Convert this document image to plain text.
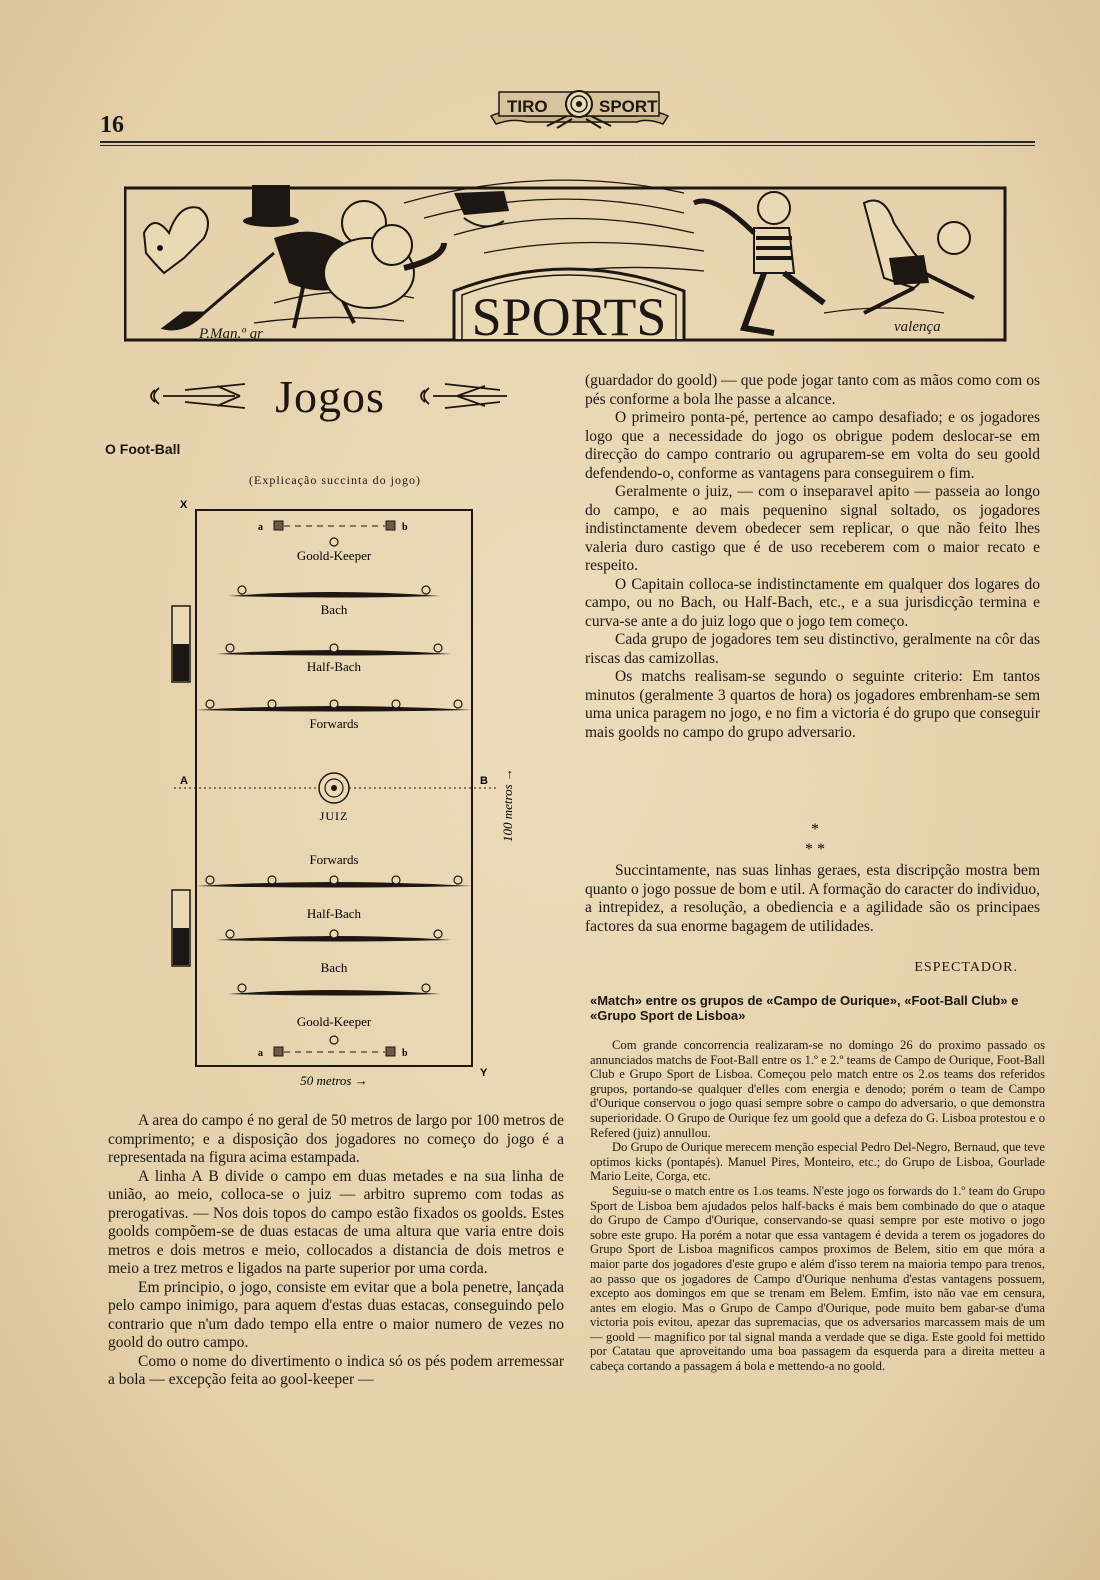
16
TIRO	SPORT
SPORTS
P.Man.º gr	valença
Jogos
O Foot-Ball
(Explicação succinta do jogo)
X
Y
A	B 100 metros →
50 metros →
JUIZ
a	b
a	b
Goold-Keeper
Bach
Half-Bach
Forwards
Forwards
Half-Bach
Bach
Goold-Keeper

A area do campo é no geral de 50 metros de largo por 100 metros de comprimento; e a disposição dos jogadores no começo do jogo é a representada na figura acima estampada.

A linha A B divide o campo em duas metades e na sua linha de união, ao meio, colloca-se o juiz — arbitro supremo com todas as prerogativas. — Nos dois topos do campo estão fixados os goolds. Estes goolds compõem-se de duas estacas de uma altura que varia entre dois metros e dois metros e meio, collocados a distancia de dois metros e meio a trez metros e ligados na parte superior por uma corda.

Em principio, o jogo, consiste em evitar que a bola penetre, lançada pelo campo inimigo, para aquem d'estas duas estacas, conseguindo pelo contrario que n'um dado tempo ella entre o maior numero de vezes no goold do outro campo.

Como o nome do divertimento o indica só os pés podem arremessar a bola — excepção feita ao gool-keeper —

(guardador do goold) — que pode jogar tanto com as mãos como com os pés conforme a bola lhe passe a alcance.

O primeiro ponta-pé, pertence ao campo desafiado; e os jogadores logo que a necessidade do jogo os obrigue podem deslocar-se em direcção do campo contrario ou agruparem-se em volta do seu goold defendendo-o, conforme as vantagens para conseguirem o fim.

Geralmente o juiz, — com o inseparavel apito — passeia ao longo do campo, e ao mais pequenino signal soltado, os jogadores indistinctamente devem obedecer sem replicar, o que não feito lhes valeria duro castigo que é de uso receberem com o maior recato e respeito.

O Capitain colloca-se indistinctamente em qualquer dos logares do campo, ou no Bach, ou Half-Bach, etc., e a sua jurisdicção termina e curva-se ante a do juiz logo que o jogo tem começo.

Cada grupo de jogadores tem seu distinctivo, geralmente na côr das riscas das camizollas.

Os matchs realisam-se segundo o seguinte criterio: Em tantos minutos (geralmente 3 quartos de hora) os jogadores embrenham-se sem uma unica paragem no jogo, e no fim a victoria é do grupo que conseguir mais goolds no campo do grupo adversario.

*
* *

Succintamente, nas suas linhas geraes, esta discripção mostra bem quanto o jogo possue de bom e util. A formação do caracter do individuo, a intrepidez, a resolução, a obediencia e a agilidade são os principaes factores da sua enorme bagagem de utilidades.

ESPECTADOR.
«Match» entre os grupos de «Campo de Ourique», «Foot-Ball Club» e «Grupo Sport de Lisboa»

Com grande concorrencia realizaram-se no domingo 26 do proximo passado os annunciados matchs de Foot-Ball entre os 1.º e 2.º teams de Campo de Ourique, Foot-Ball Club e Grupo Sport de Lisboa. Começou pelo match entre os 2.os teams dos referidos grupos, portando-se qualquer d'elles com energia e denodo; porém o team de Campo d'Ourique conservou o jogo quasi sempre sobre o campo do adversario, o que demonstra superioridade. O Grupo de Ourique fez um goold que a defeza do G. Lisboa protestou e o Refered (juiz) annullou.

Do Grupo de Ourique merecem menção especial Pedro Del-Negro, Bernaud, que teve optimos kicks (pontapés). Manuel Pires, Monteiro, etc.; do Grupo de Lisboa, Gourlade Mario Leite, Corga, etc.

Seguiu-se o match entre os 1.os teams. N'este jogo os forwards do 1.º team do Grupo Sport de Lisboa bem ajudados pelos half-backs é mais bem combinado do que o ataque do Grupo de Campo d'Ourique, conservando-se quasi sempre por este motivo o jogo sobre este grupo. Ha porém a notar que essa vantagem é devida a terem os jogadores do Grupo Sport de Lisboa magnificos campos proximos de Belem, sitio em que móra a maior parte dos jogadores d'este grupo e além d'isso terem na maioria tempo para trenos, ao passo que os jogadores de Campo d'Ourique nenhuma d'estas vantagens possuem, excepto aos domingos em que se trenam em Belem. Emfim, isto não vae em censura, antes em elogio. Mas o Grupo de Campo d'Ourique, pode muito bem gabar-se d'uma victoria pois evitou, apezar das supremacias, que os adversarios marcassem mais de um — goold — magnifico por tal signal manda a verdade que se diga. Este goold foi mettido por Catatau que aproveitando uma boa passagem da esquerda para a direita metteu a cabeça cortando a passagem á bola e mettendo-a no goold.
